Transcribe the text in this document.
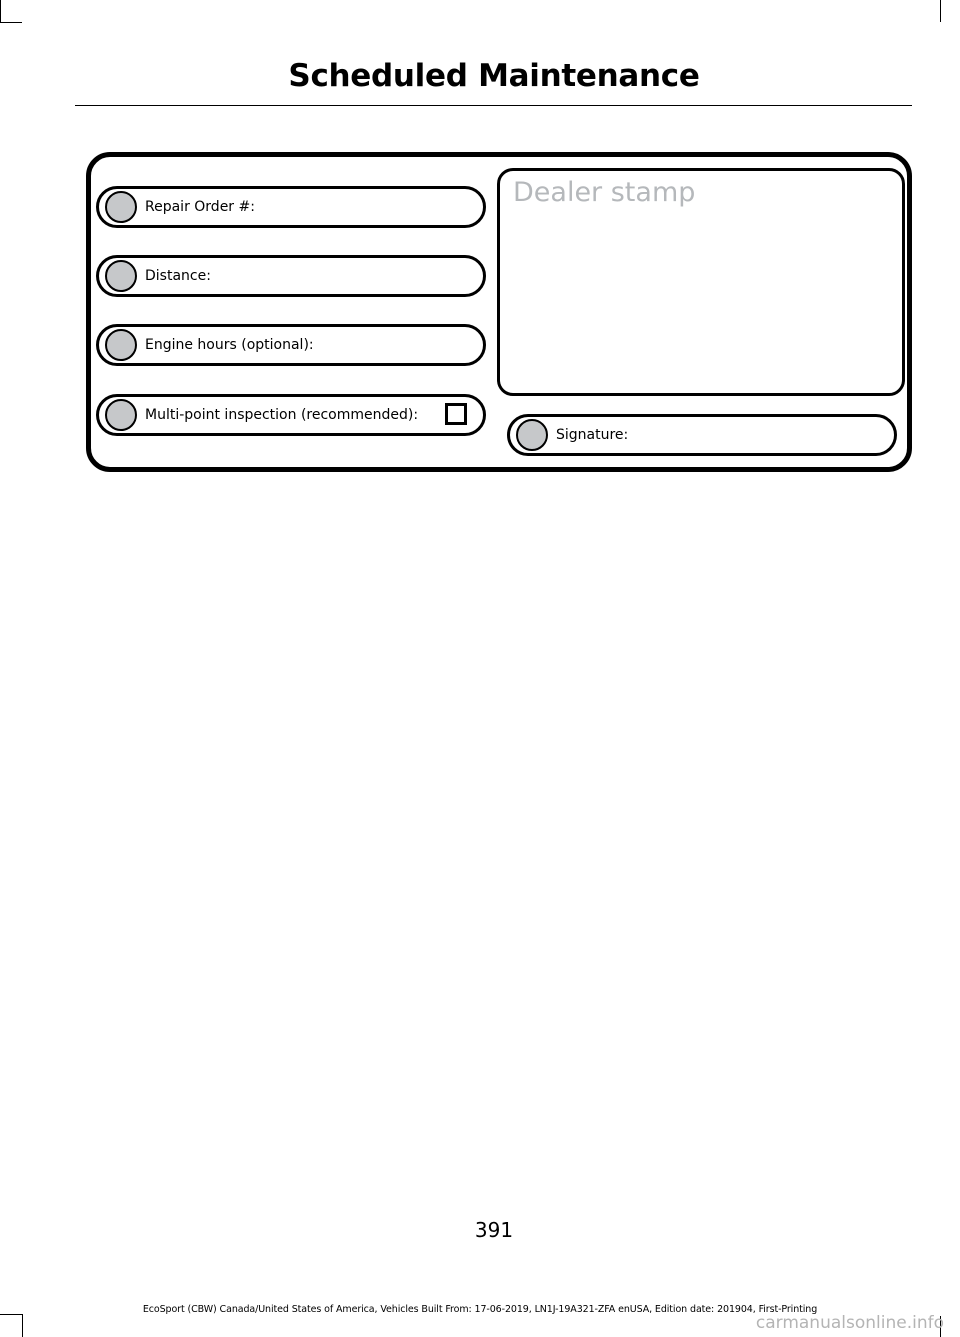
Scheduled Maintenance
Repair Order #:
Distance:
Engine hours (optional):
Multi-point inspection (recommended):
Dealer stamp
Signature:
391
EcoSport (CBW) Canada/United States of America, Vehicles Built From: 17-06-2019, LN1J-19A321-ZFA enUSA, Edition date: 201904, First-Printing
carmanualsonline.info
